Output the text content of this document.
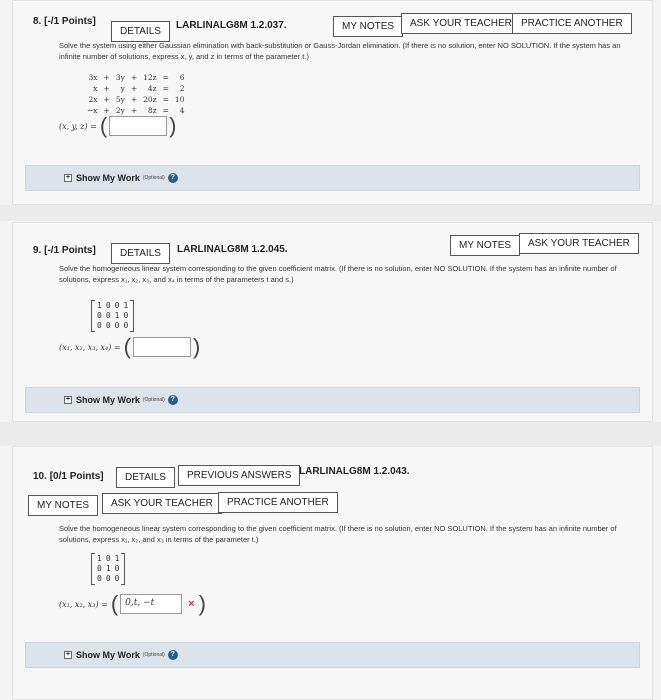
8. [-/1 Points]
DETAILS
LARLINALG8M 1.2.037.	MY NOTES	ASK YOUR TEACHER PRACTICE ANOTHER
Solve the system using either Gaussian elimination with back-substitution or Gauss-Jordan elimination. (If there is no solution, enter NO SOLUTION. If the system has an infinite number of solutions, express x, y, and z in terms of the parameter t.)
3x	+	3y	+	12z	=	6
x	+	y	+	4z	=	2
2x	+	5y	+	20z	=	10
−x	+	2y	+	8z	=	4
(x, y, z) = (	)
+ Show My Work (Optional) ?
9. [-/1 Points]	DETAILS	LARLINALG8M 1.2.045.	MY NOTES	ASK YOUR TEACHER
Solve the homogeneous linear system corresponding to the given coefficient matrix. (If there is no solution, enter NO SOLUTION. If the system has an infinite number of solutions, express x₁, x₂, x₃, and x₄ in terms of the parameters t and s.)
1 0 0 1
0 0 1 0
0 0 0 0
(x₁, x₂, x₃, x₄) = (	)
+ Show My Work (Optional) ?
10. [0/1 Points]	DETAILS	PREVIOUS ANSWERS LARLINALG8M 1.2.043.
MY NOTES	ASK YOUR TEACHER	PRACTICE ANOTHER
Solve the homogeneous linear system corresponding to the given coefficient matrix. (If there is no solution, enter NO SOLUTION. If the system has an infinite number of solutions, express x₁, x₂, and x₃ in terms of the parameter t.)
1 0 1
0 1 0
0 0 0
(x₁, x₂, x₃) = ( 0,t, −t	× )
+ Show My Work (Optional) ?
